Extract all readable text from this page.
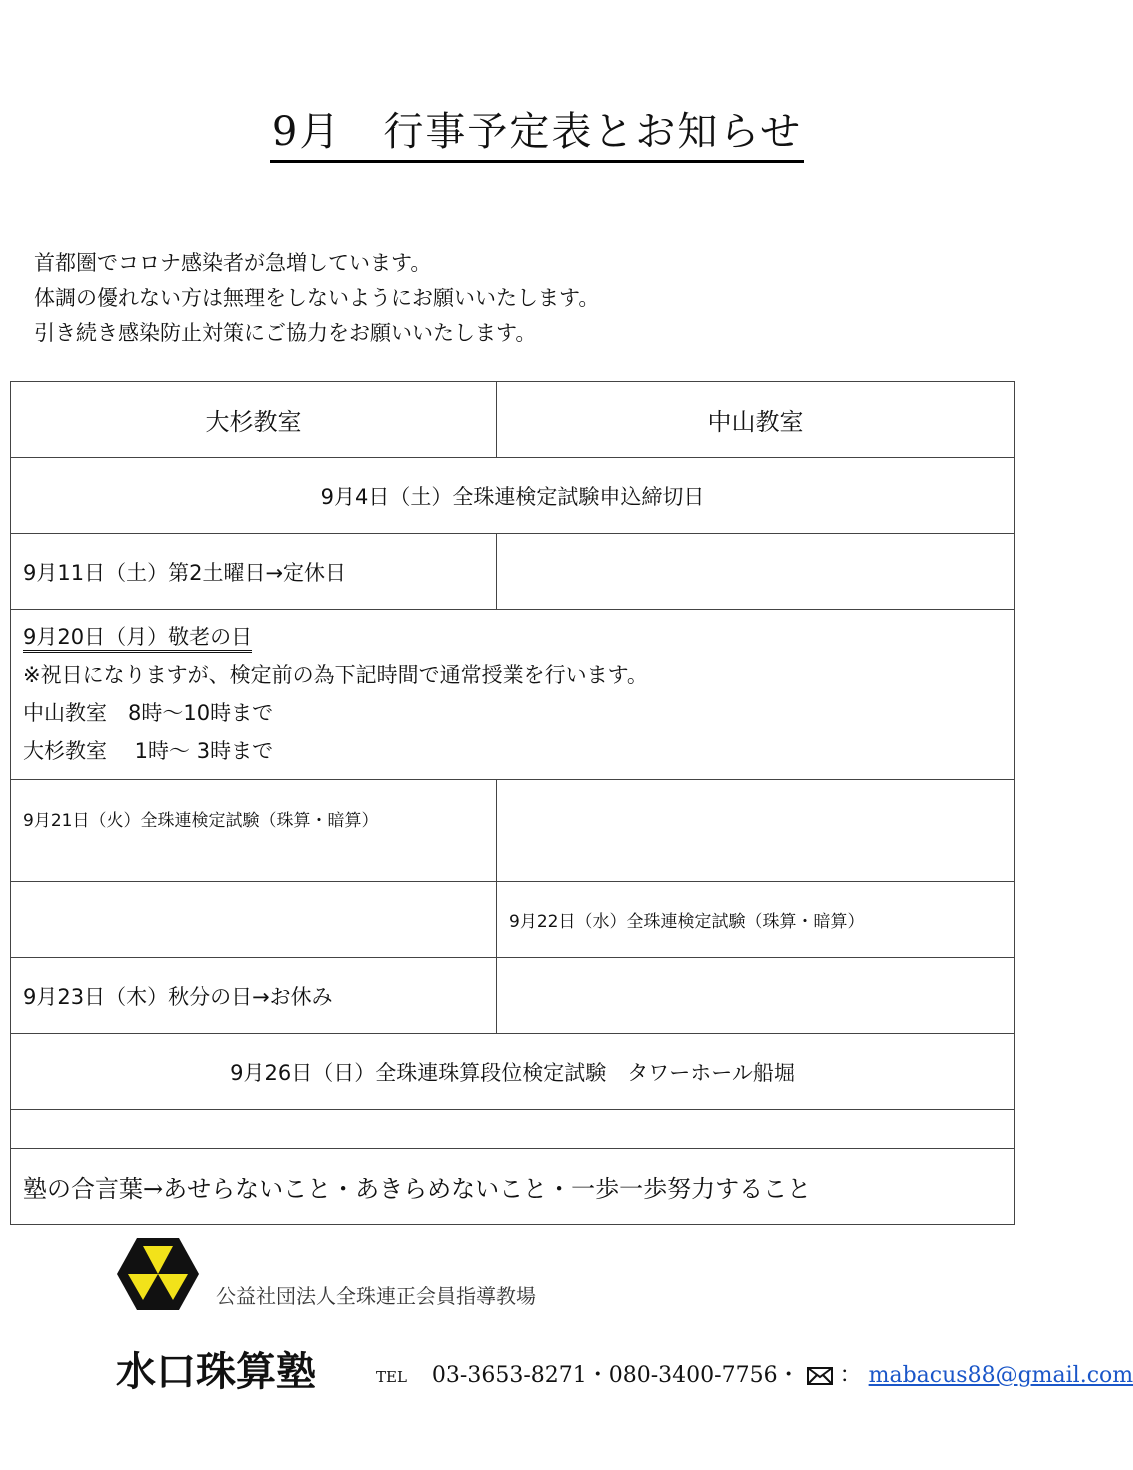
9月　行事予定表とお知らせ
首都圏でコロナ感染者が急増しています。
体調の優れない方は無理をしないようにお願いいたします。
引き続き感染防止対策にご協力をお願いいたします。
大杉教室	中山教室
9月4日（土）全珠連検定試験申込締切日	
9月11日（土）第2土曜日→定休日	

9月20日（月）敬老の日
※祝日になりますが、検定前の為下記時間で通常授業を行います。
中山教室　8時～10時まで
大杉教室　 1時～ 3時まで	

9月21日（火）全珠連検定試験（珠算・暗算）	
	9月22日（水）全珠連検定試験（珠算・暗算）
9月23日（木）秋分の日→お休み	
9月26日（日）全珠連珠算段位検定試験　タワーホール船堀	

塾の合言葉→あせらないこと・あきらめないこと・一歩一歩努力すること	
公益社団法人全珠連正会員指導教場
水口珠算塾	TEL 03-3653-8271・080-3400-7756・ ： mabacus88@gmail.com
